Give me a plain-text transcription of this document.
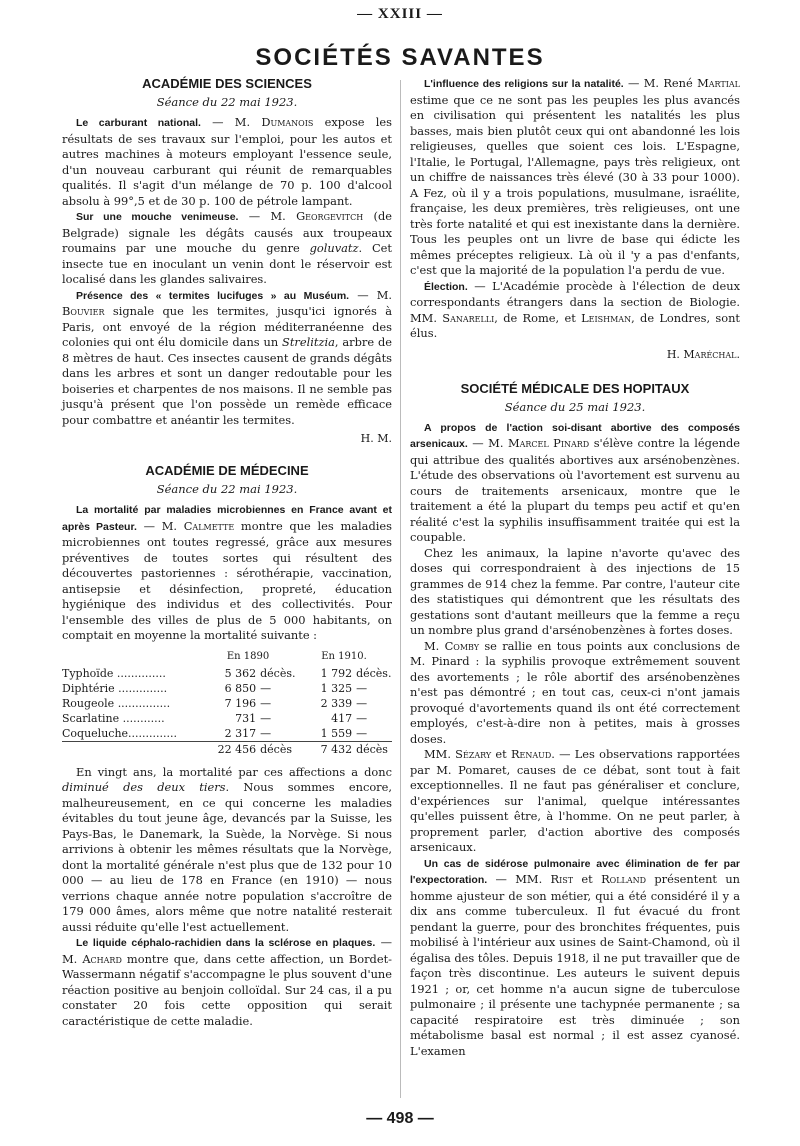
— XXIII —
SOCIÉTÉS SAVANTES
ACADÉMIE DES SCIENCES
Séance du 22 mai 1923.

Le carburant national. — M. Dumanois expose les résultats de ses travaux sur l'emploi, pour les autos et autres machines à moteurs employant l'essence seule, d'un nouveau carburant qui réunit de remarquables qualités. Il s'agit d'un mélange de 70 p. 100 d'alcool absolu à 99°,5 et de 30 p. 100 de pétrole lampant.

Sur une mouche venimeuse. — M. Georgevitch (de Belgrade) signale les dégâts causés aux troupeaux roumains par une mouche du genre goluvatz. Cet insecte tue en inoculant un venin dont le réservoir est localisé dans les glandes salivaires.

Présence des « termites lucifuges » au Muséum. — M. Bouvier signale que les termites, jusqu'ici ignorés à Paris, ont envoyé de la région méditerranéenne des colonies qui ont élu domicile dans un Strelitzia, arbre de 8 mètres de haut. Ces insectes causent de grands dégâts dans les arbres et sont un danger redoutable pour les boiseries et charpentes de nos maisons. Il ne semble pas jusqu'à présent que l'on possède un remède efficace pour combattre et anéantir les termites.

H. M.
ACADÉMIE DE MÉDECINE
Séance du 22 mai 1923.

La mortalité par maladies microbiennes en France avant et après Pasteur. — M. Calmette montre que les maladies microbiennes ont toutes regressé, grâce aux mesures préventives de toutes sortes qui résultent des découvertes pastoriennes : sérothérapie, vaccination, antisepsie et désinfection, propreté, éducation hygiénique des individus et des collectivités. Pour l'ensemble des villes de plus de 5 000 habitants, on comptait en moyenne la mortalité suivante :

	En 1890		En 1910.	
Typhoïde ..............	5 362	décès.	1 792	décès.
Diphtérie ..............	6 850	—	1 325	—
Rougeole ...............	7 196	—	2 339	—
Scarlatine ............	731	—	417	—
Coqueluche..............	2 317	—	1 559	—
	22 456	décès	7 432	décès

En vingt ans, la mortalité par ces affections a donc diminué des deux tiers. Nous sommes encore, malheureusement, en ce qui concerne les maladies évitables du tout jeune âge, devancés par la Suisse, les Pays-Bas, le Danemark, la Suède, la Norvège. Si nous arrivions à obtenir les mêmes résultats que la Norvège, dont la mortalité générale n'est plus que de 132 pour 10 000 — au lieu de 178 en France (en 1910) — nous verrions chaque année notre population s'accroître de 179 000 âmes, alors même que notre natalité resterait aussi réduite qu'elle l'est actuellement.

Le liquide céphalo-rachidien dans la sclérose en plaques. — M. Achard montre que, dans cette affection, un Bordet-Wassermann négatif s'accompagne le plus souvent d'une réaction positive au benjoin colloïdal. Sur 24 cas, il a pu constater 20 fois cette opposition qui serait caractéristique de cette maladie.

L'influence des religions sur la natalité. — M. René Martial estime que ce ne sont pas les peuples les plus avancés en civilisation qui présentent les natalités les plus basses, mais bien plutôt ceux qui ont abandonné les lois religieuses, quelles que soient ces lois. L'Espagne, l'Italie, le Portugal, l'Allemagne, pays très religieux, ont un chiffre de naissances très élevé (30 à 33 pour 1000). A Fez, où il y a trois populations, musulmane, israélite, française, les deux premières, très religieuses, ont une très forte natalité et qui est inexistante dans la dernière. Tous les peuples ont un livre de base qui édicte les mêmes préceptes religieux. Là où il 'y a pas d'enfants, c'est que la majorité de la population l'a perdu de vue.

Élection. — L'Académie procède à l'élection de deux correspondants étrangers dans la section de Biologie. MM. Sanarelli, de Rome, et Leishman, de Londres, sont élus.

H. Maréchal.
SOCIÉTÉ MÉDICALE DES HOPITAUX
Séance du 25 mai 1923.

A propos de l'action soi-disant abortive des composés arsenicaux. — M. Marcel Pinard s'élève contre la légende qui attribue des qualités abortives aux arsénobenzènes. L'étude des observations où l'avortement est survenu au cours de traitements arsenicaux, montre que le traitement a été la plupart du temps peu actif et qu'en réalité c'est la syphilis insuffisamment traitée qui est la coupable.

Chez les animaux, la lapine n'avorte qu'avec des doses qui correspondraient à des injections de 15 grammes de 914 chez la femme. Par contre, l'auteur cite des statistiques qui démontrent que les résultats des gestations sont d'autant meilleurs que la femme a reçu un nombre plus grand d'arsénobenzènes à fortes doses.

M. Comby se rallie en tous points aux conclusions de M. Pinard : la syphilis provoque extrêmement souvent des avortements ; le rôle abortif des arsénobenzènes n'est pas démontré ; en tout cas, ceux-ci n'ont jamais provoqué d'avortements quand ils ont été correctement employés, c'est-à-dire non à petites, mais à grosses doses.

MM. Sézary et Renaud. — Les observations rapportées par M. Pomaret, causes de ce débat, sont tout à fait exceptionnelles. Il ne faut pas généraliser et conclure, d'expériences sur l'animal, quelque intéressantes qu'elles puissent être, à l'homme. On ne peut parler, à proprement parler, d'action abortive des composés arsenicaux.

Un cas de sidérose pulmonaire avec élimination de fer par l'expectoration. — MM. Rist et Rolland présentent un homme ajusteur de son métier, qui a été considéré il y a dix ans comme tuberculeux. Il fut évacué du front pendant la guerre, pour des bronchites fréquentes, puis mobilisé à l'intérieur aux usines de Saint-Chamond, où il égalisa des tôles. Depuis 1918, il ne put travailler que de façon très discontinue. Les auteurs le suivent depuis 1921 ; or, cet homme n'a aucun signe de tuberculose pulmonaire ; il présente une tachypnée permanente ; sa capacité respiratoire est très diminuée ; son métabolisme basal est normal ; il est assez cyanosé. L'examen

— 498 —
